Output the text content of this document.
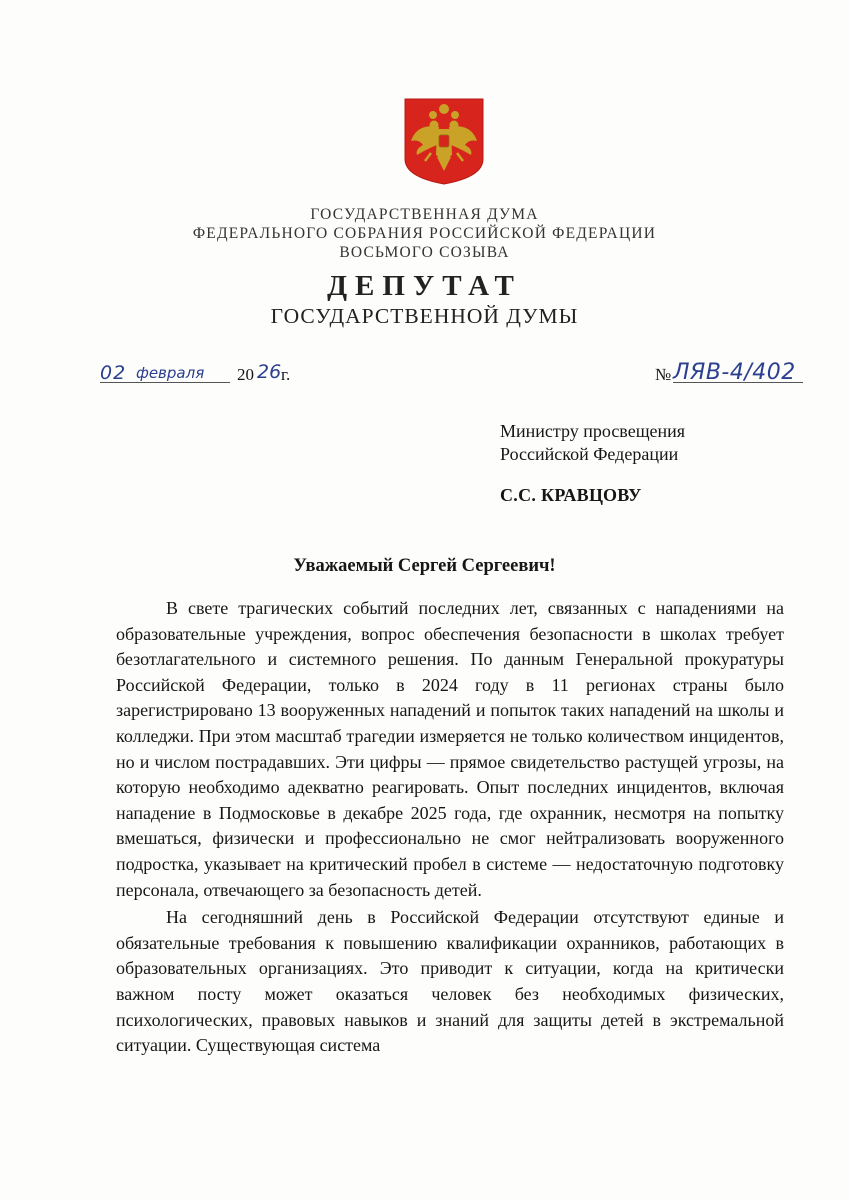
ГОСУДАРСТВЕННАЯ ДУМА
ФЕДЕРАЛЬНОГО СОБРАНИЯ РОССИЙСКОЙ ФЕДЕРАЦИИ
ВОСЬМОГО СОЗЫВА
ДЕПУТАТ
ГОСУДАРСТВЕННОЙ ДУМЫ
02 февраля 20 26 г.	№ ЛЯВ-4/402
Министру просвещения
Российской Федерации
С.С. КРАВЦОВУ
Уважаемый Сергей Сергеевич!

В свете трагических событий последних лет, связанных с нападениями на образовательные учреждения, вопрос обеспечения безопасности в школах требует безотлагательного и системного решения. По данным Генеральной прокуратуры Российской Федерации, только в 2024 году в 11 регионах страны было зарегистрировано 13 вооруженных нападений и попыток таких нападений на школы и колледжи. При этом масштаб трагедии измеряется не только количеством инцидентов, но и числом пострадавших. Эти цифры — прямое свидетельство растущей угрозы, на которую необходимо адекватно реагировать. Опыт последних инцидентов, включая нападение в Подмосковье в декабре 2025 года, где охранник, несмотря на попытку вмешаться, физически и профессионально не смог нейтрализовать вооруженного подростка, указывает на критический пробел в системе — недостаточную подготовку персонала, отвечающего за безопасность детей.

На сегодняшний день в Российской Федерации отсутствуют единые и обязательные требования к повышению квалификации охранников, работающих в образовательных организациях. Это приводит к ситуации, когда на критически важном посту может оказаться человек без необходимых физических, психологических, правовых навыков и знаний для защиты детей в экстремальной ситуации. Существующая система
